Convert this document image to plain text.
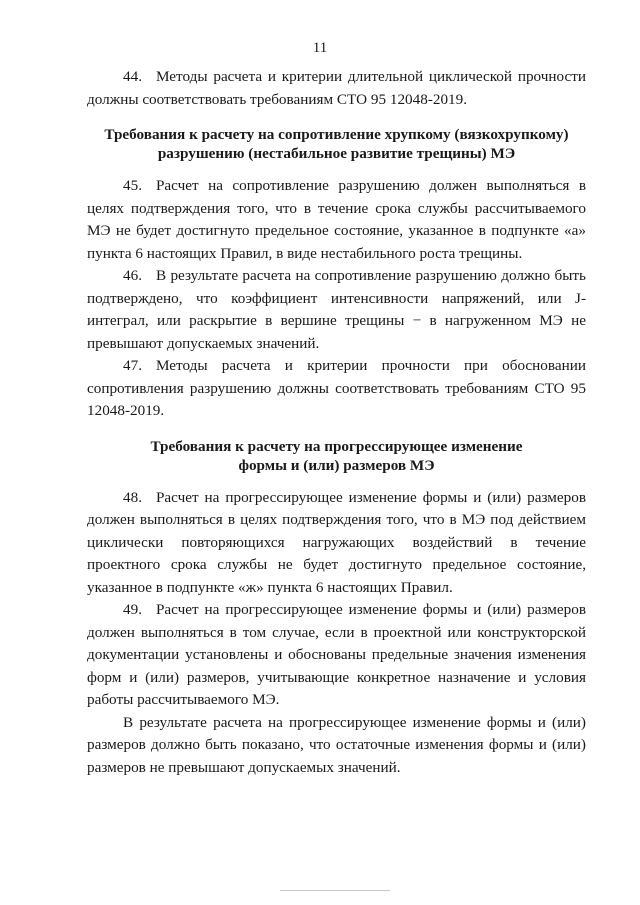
11

44. Методы расчета и критерии длительной циклической прочности должны соответствовать требованиям СТО 95 12048-2019.

Требования к расчету на сопротивление хрупкому (вязкохрупкому)
разрушению (нестабильное развитие трещины) МЭ

45. Расчет на сопротивление разрушению должен выполняться в целях подтверждения того, что в течение срока службы рассчитываемого МЭ не будет достигнуто предельное состояние, указанное в подпункте «а» пункта 6 настоящих Правил, в виде нестабильного роста трещины.

46. В результате расчета на сопротивление разрушению должно быть подтверждено, что коэффициент интенсивности напряжений, или J-интеграл, или раскрытие в вершине трещины − в нагруженном МЭ не превышают допускаемых значений.

47. Методы расчета и критерии прочности при обосновании сопротивления разрушению должны соответствовать требованиям СТО 95 12048-2019.

Требования к расчету на прогрессирующее изменение
формы и (или) размеров МЭ

48. Расчет на прогрессирующее изменение формы и (или) размеров должен выполняться в целях подтверждения того, что в МЭ под действием циклически повторяющихся нагружающих воздействий в течение проектного срока службы не будет достигнуто предельное состояние, указанное в подпункте «ж» пункта 6 настоящих Правил.

49. Расчет на прогрессирующее изменение формы и (или) размеров должен выполняться в том случае, если в проектной или конструкторской документации установлены и обоснованы предельные значения изменения форм и (или) размеров, учитывающие конкретное назначение и условия работы рассчитываемого МЭ.

В результате расчета на прогрессирующее изменение формы и (или) размеров должно быть показано, что остаточные изменения формы и (или) размеров не превышают допускаемых значений.
